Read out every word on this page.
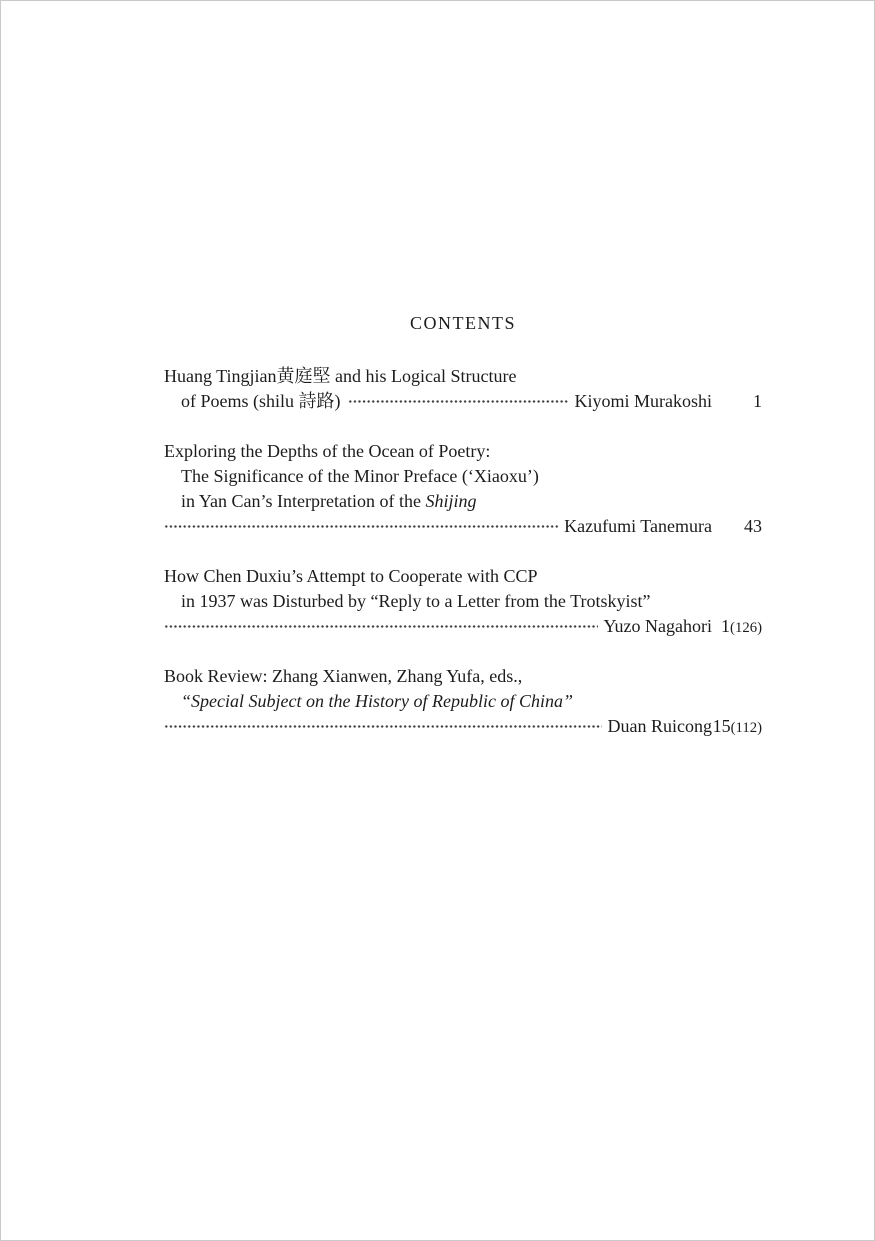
CONTENTS
Huang Tingjian黄庭堅 and his Logical Structure
of Poems (shilu 詩路)	Kiyomi Murakoshi	1
Exploring the Depths of the Ocean of Poetry:
The Significance of the Minor Preface (‘Xiaoxu’)
in Yan Can’s Interpretation of the Shijing
Kazufumi Tanemura	43
How Chen Duxiu’s Attempt to Cooperate with CCP
in 1937 was Disturbed by “Reply to a Letter from the Trotskyist”
Yuzo Nagahori 1(126)
Book Review: Zhang Xianwen, Zhang Yufa, eds.,
“Special Subject on the History of Republic of China”
Duan Ruicong 15(112)
